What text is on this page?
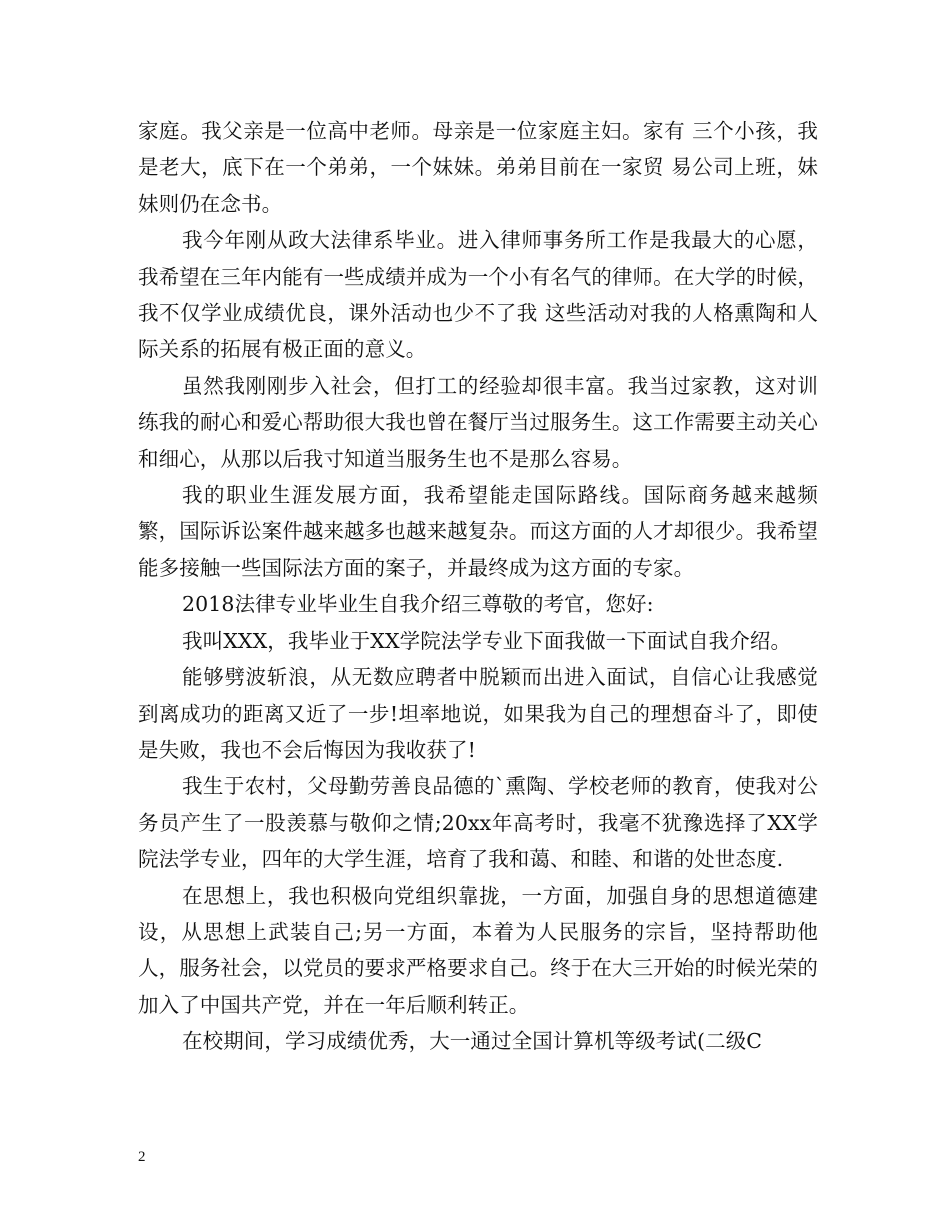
家庭。我父亲是一位高中老师。母亲是一位家庭主妇。家有 三个小孩，我是老大，底下在一个弟弟，一个妹妹。弟弟目前在一家贸 易公司上班，妹妹则仍在念书。

我今年刚从政大法律系毕业。进入律师事务所工作是我最大的心愿，我希望在三年内能有一些成绩并成为一个小有名气的律师。在大学的时候，我不仅学业成绩优良，课外活动也少不了我 这些活动对我的人格熏陶和人际关系的拓展有极正面的意义。

虽然我刚刚步入社会，但打工的经验却很丰富。我当过家教，这对训练我的耐心和爱心帮助很大我也曾在餐厅当过服务生。这工作需要主动关心和细心，从那以后我寸知道当服务生也不是那么容易。

我的职业生涯发展方面，我希望能走国际路线。国际商务越来越频繁，国际诉讼案件越来越多也越来越复杂。而这方面的人才却很少。我希望能多接触一些国际法方面的案子，并最终成为这方面的专家。

2018法律专业毕业生自我介绍三尊敬的考官，您好:

我叫XXX，我毕业于XX学院法学专业下面我做一下面试自我介绍。

能够劈波斩浪，从无数应聘者中脱颖而出进入面试，自信心让我感觉到离成功的距离又近了一步!坦率地说，如果我为自己的理想奋斗了，即使是失败，我也不会后悔因为我收获了!

我生于农村，父母勤劳善良品德的`熏陶、学校老师的教育，使我对公务员产生了一股羡慕与敬仰之情;20xx年高考时，我毫不犹豫选择了XX学院法学专业，四年的大学生涯，培育了我和蔼、和睦、和谐的处世态度.

在思想上，我也积极向党组织靠拢，一方面，加强自身的思想道德建设，从思想上武装自己;另一方面，本着为人民服务的宗旨，坚持帮助他人，服务社会，以党员的要求严格要求自己。终于在大三开始的时候光荣的加入了中国共产党，并在一年后顺利转正。

在校期间，学习成绩优秀，大一通过全国计算机等级考试(二级C

2
